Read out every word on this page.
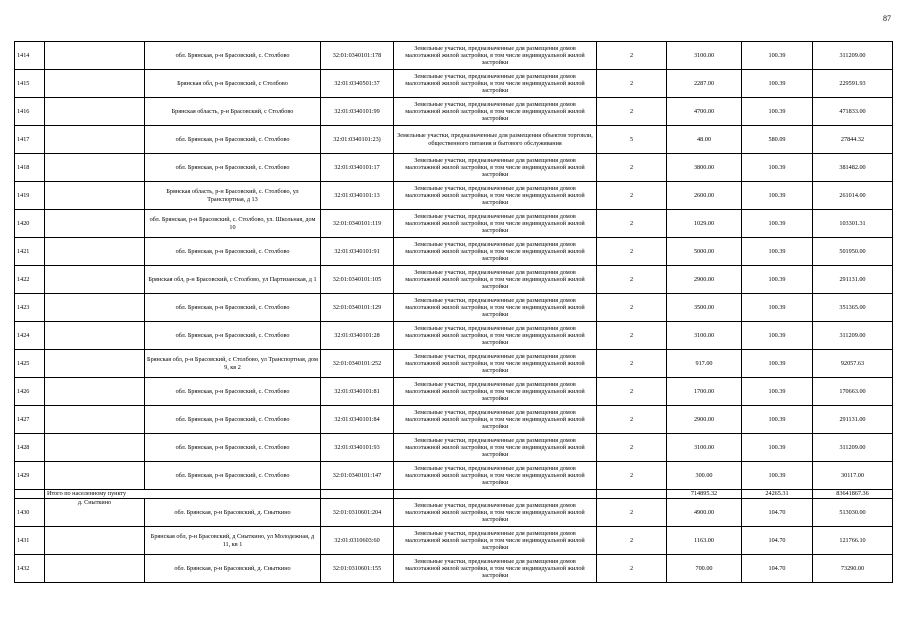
87
1414		обл. Брянская, р-н Брасовский, с. Столбово	32:01:0340101:178	Земельные участки, предназначенные для размещения домов малоэтажной жилой застройки, в том числе индивидуальной жилой застройки	2	3100.00	100.39	311209.00
1415		Брянская обл, р-н Брасовский, с Столбово	32:01:0340501:37	Земельные участки, предназначенные для размещения домов малоэтажной жилой застройки, в том числе индивидуальной жилой застройки	2	2287.00	100.39	229591.93
1416		Брянская область, р-н Брасовский, с Столбово	32:01:0340101:99	Земельные участки, предназначенные для размещения домов малоэтажной жилой застройки, в том числе индивидуальной жилой застройки	2	4700.00	100.39	471833.00
1417		обл. Брянская, р-н Брасовский, с. Столбово	32:01:0340101:23)	Земельные участки, предназначенные для размещения объектов торговли, общественного питания и бытового обслуживания	5	48.00	580.09	27844.32
1418		обл. Брянская, р-н Брасовский, с. Столбово	32:01:0340101:17	Земельные участки, предназначенные для размещения домов малоэтажной жилой застройки, в том числе индивидуальной жилой застройки	2	3800.00	100.39	381482.00
1419		Брянская область, р-н Брасовский, с. Столбово, ул Транспортная, д 13	32:01:0340101:13	Земельные участки, предназначенные для размещения домов малоэтажной жилой застройки, в том числе индивидуальной жилой застройки	2	2600.00	100.39	261014.00
1420		обл. Брянская, р-н Брасовский, с. Столбово, ул. Школьная, дом 10	32:01:0340101:119	Земельные участки, предназначенные для размещения домов малоэтажной жилой застройки, в том числе индивидуальной жилой застройки	2	1029.00	100.39	103301.31
1421		обл. Брянская, р-н Брасовский, с. Столбово	32:01:0340101:91	Земельные участки, предназначенные для размещения домов малоэтажной жилой застройки, в том числе индивидуальной жилой застройки	2	5000.00	100.39	501950.00
1422		Брянская обл, р-н Брасовский, с Столбово, ул Партизанская, д 1	32:01:0340101:105	Земельные участки, предназначенные для размещения домов малоэтажной жилой застройки, в том числе индивидуальной жилой застройки	2	2900.00	100.39	291131.00
1423		обл. Брянская, р-н Брасовский, с. Столбово	32:01:0340101:129	Земельные участки, предназначенные для размещения домов малоэтажной жилой застройки, в том числе индивидуальной жилой застройки	2	3500.00	100.39	351365.00
1424		обл. Брянская, р-н Брасовский, с. Столбово	32:01:0340101:28	Земельные участки, предназначенные для размещения домов малоэтажной жилой застройки, в том числе индивидуальной жилой застройки	2	3100.00	100.39	311209.00
1425		Брянская обл, р-н Брасовский, с Столбово, ул Транспортная, дом 9, кв 2	32:01:0340101:252	Земельные участки, предназначенные для размещения домов малоэтажной жилой застройки, в том числе индивидуальной жилой застройки	2	917.00	100.39	92057.63
1426		обл. Брянская, р-н Брасовский, с. Столбово	32:01:0340101:81	Земельные участки, предназначенные для размещения домов малоэтажной жилой застройки, в том числе индивидуальной жилой застройки	2	1700.00	100.39	170663.00
1427		обл. Брянская, р-н Брасовский, с. Столбово	32:01:0340101:84	Земельные участки, предназначенные для размещения домов малоэтажной жилой застройки, в том числе индивидуальной жилой застройки	2	2900.00	100.39	291131.00
1428		обл. Брянская, р-н Брасовский, с. Столбово	32:01:0340101:93	Земельные участки, предназначенные для размещения домов малоэтажной жилой застройки, в том числе индивидуальной жилой застройки	2	3100.00	100.39	311209.00
1429		обл. Брянская, р-н Брасовский, с. Столбово	32:01:0340101:147	Земельные участки, предназначенные для размещения домов малоэтажной жилой застройки, в том числе индивидуальной жилой застройки	2	300.00	100.39	30117.00
	Итого по населенному пункту					714895.32	24265.31	83641867.36
1430	д. Сныткино	обл. Брянская, р-н Брасовский, д. Сныткино	32:01:0310601:204	Земельные участки, предназначенные для размещения домов малоэтажной жилой застройки, в том числе индивидуальной жилой застройки	2	4900.00	104.70	513030.00
1431		Брянская обл, р-н Брасовский, д Сныткино, ул Молодежная, д 11, кв 1	32:01:0310603:60	Земельные участки, предназначенные для размещения домов малоэтажной жилой застройки, в том числе индивидуальной жилой застройки	2	1163.00	104.70	121766.10
1432		обл. Брянская, р-н Брасовский, д. Сныткино	32:01:0310601:155	Земельные участки, предназначенные для размещения домов малоэтажной жилой застройки, в том числе индивидуальной жилой застройки	2	700.00	104.70	73290.00
